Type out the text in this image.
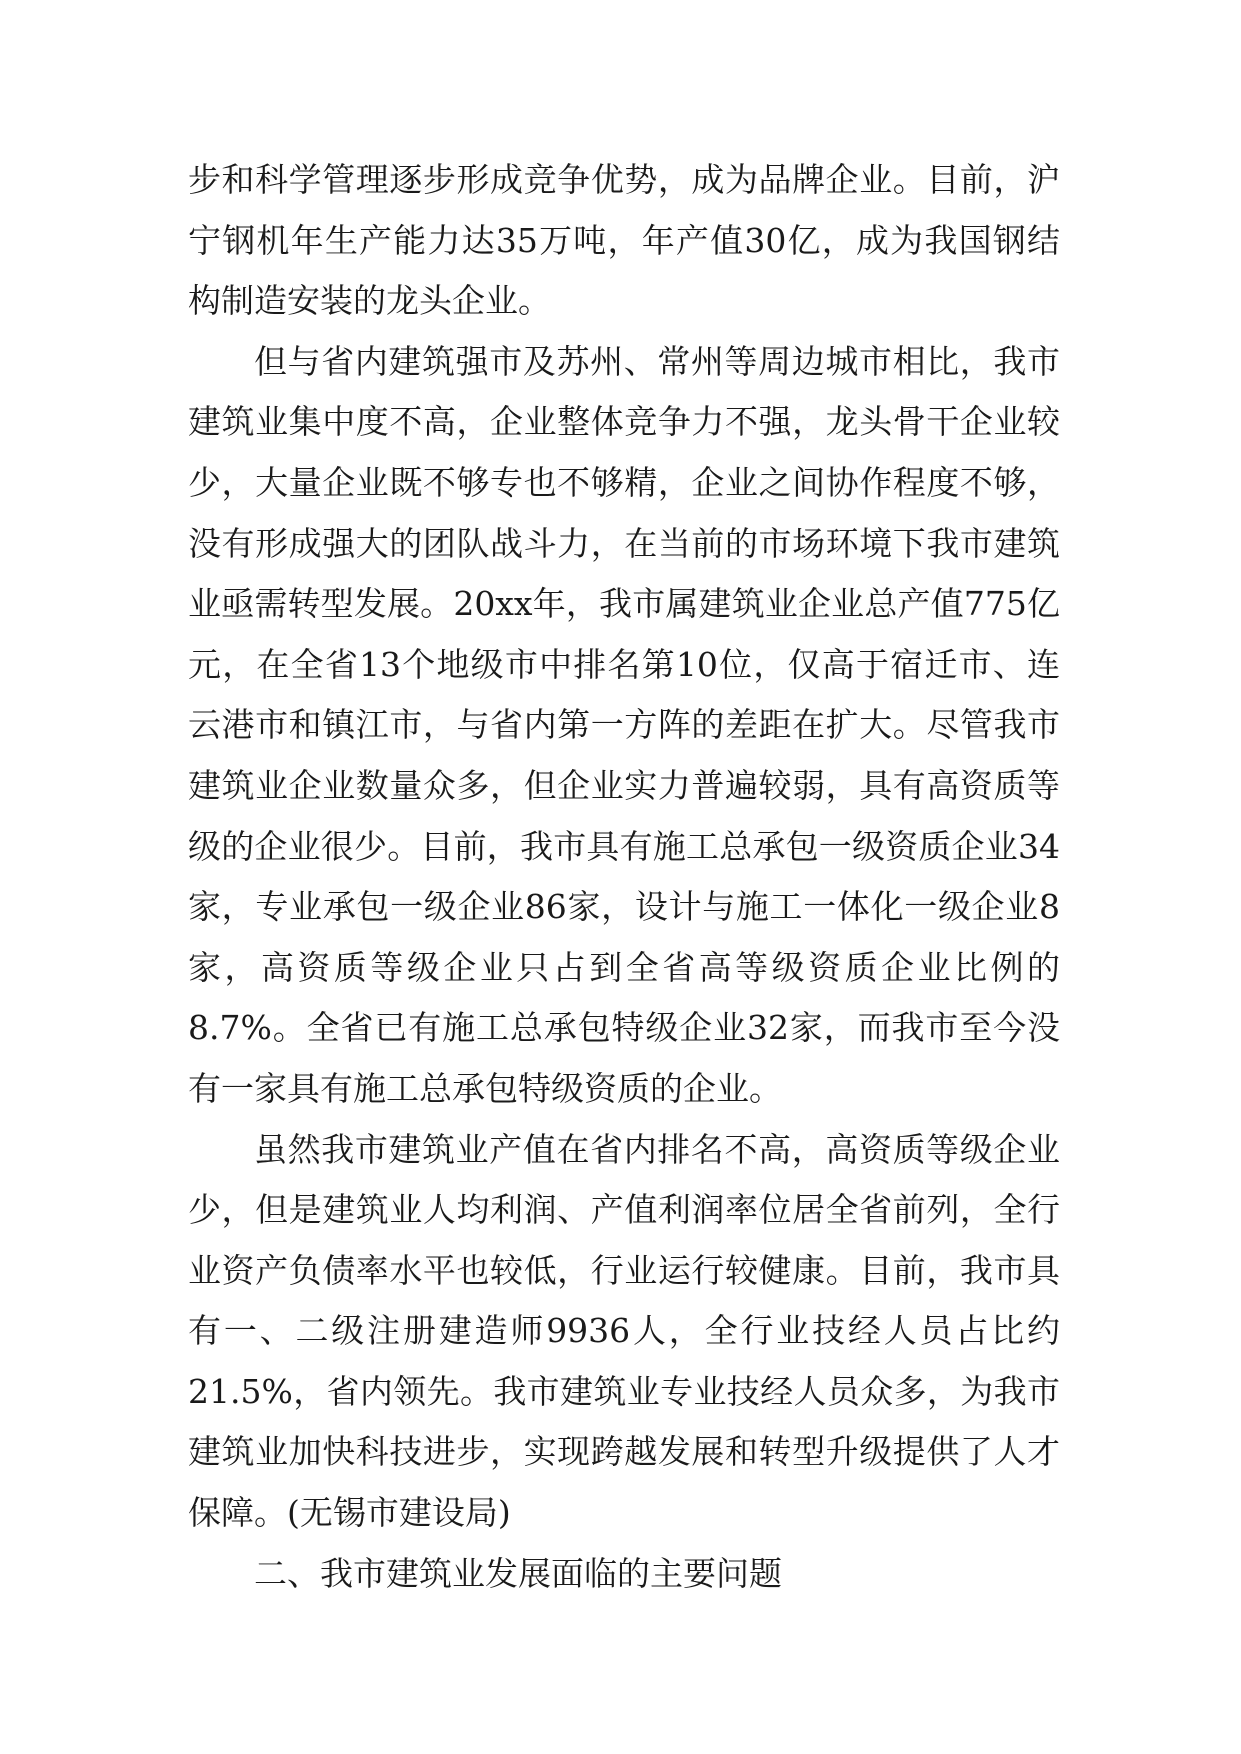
步和科学管理逐步形成竞争优势，成为品牌企业。目前，沪
宁钢机年生产能力达35万吨，年产值30亿，成为我国钢结
构制造安装的龙头企业。
但与省内建筑强市及苏州、常州等周边城市相比，我市
建筑业集中度不高，企业整体竞争力不强，龙头骨干企业较
少，大量企业既不够专也不够精，企业之间协作程度不够，
没有形成强大的团队战斗力，在当前的市场环境下我市建筑
业亟需转型发展。20xx年，我市属建筑业企业总产值775亿
元，在全省13个地级市中排名第10位，仅高于宿迁市、连
云港市和镇江市，与省内第一方阵的差距在扩大。尽管我市
建筑业企业数量众多，但企业实力普遍较弱，具有高资质等
级的企业很少。目前，我市具有施工总承包一级资质企业34
家，专业承包一级企业86家，设计与施工一体化一级企业8
家，高资质等级企业只占到全省高等级资质企业比例的
8.7%。全省已有施工总承包特级企业32家，而我市至今没
有一家具有施工总承包特级资质的企业。
虽然我市建筑业产值在省内排名不高，高资质等级企业
少，但是建筑业人均利润、产值利润率位居全省前列，全行
业资产负债率水平也较低，行业运行较健康。目前，我市具
有一、二级注册建造师9936人，全行业技经人员占比约
21.5%，省内领先。我市建筑业专业技经人员众多，为我市
建筑业加快科技进步，实现跨越发展和转型升级提供了人才
保障。(无锡市建设局)
二、我市建筑业发展面临的主要问题
